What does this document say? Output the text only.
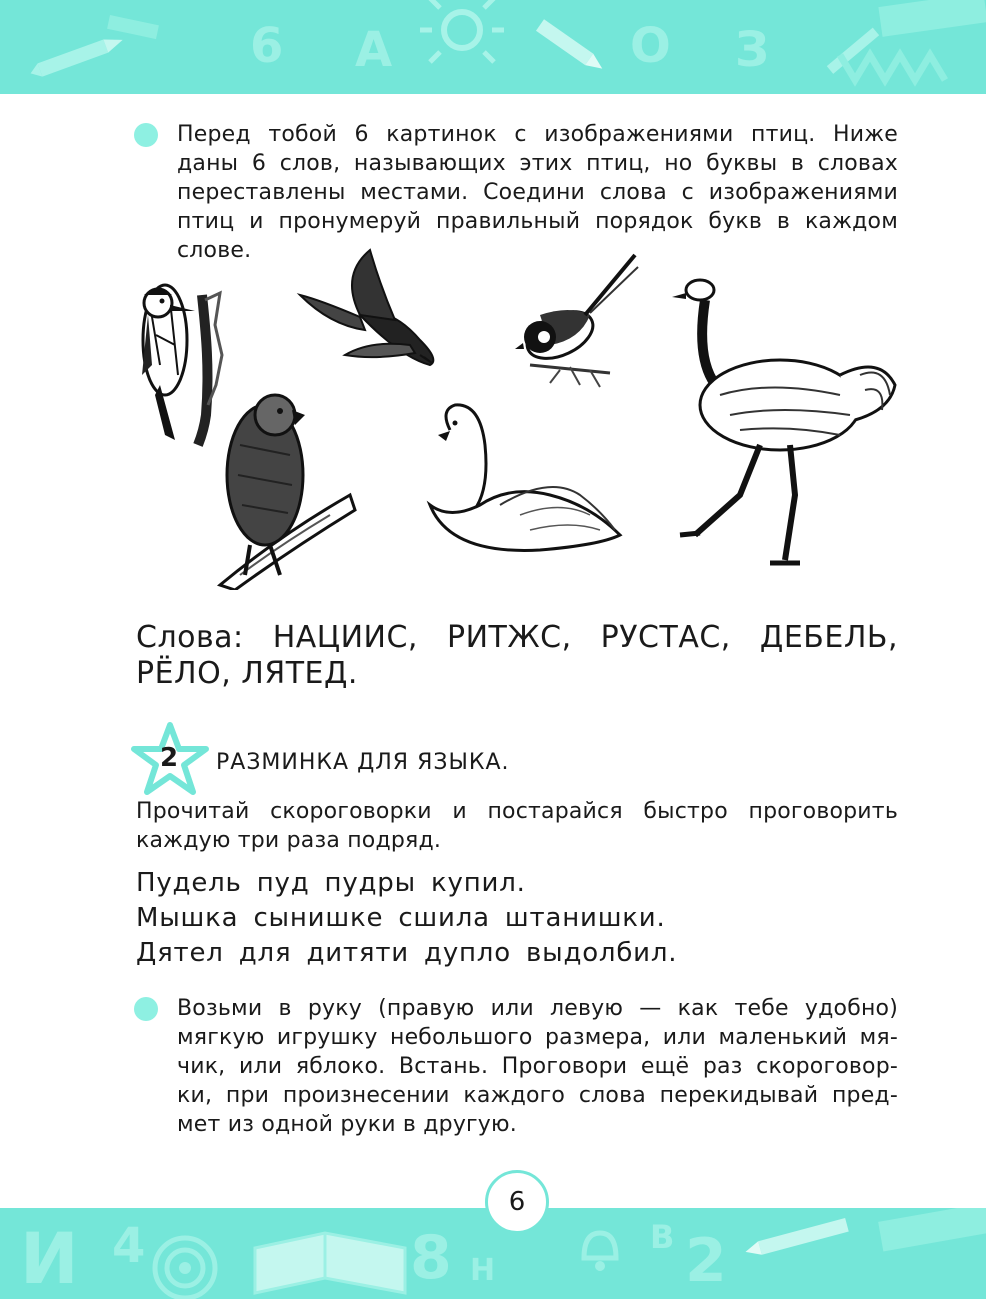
6 А	О З
Перед тобой 6 картинок с изображениями птиц. Ниже
даны 6 слов, называющих этих птиц, но буквы в словах
переставлены местами. Соедини слова с изображениями
птиц и пронумеруй правильный порядок букв в каждом
слове.
Слова: НАЦИИС, РИТЖС, РУСТАС, ДЕБЕЛЬ,
РЁЛО, ЛЯТЕД.
2	РАЗМИНКА ДЛЯ ЯЗЫКА.
Прочитай скороговорки и постарайся быстро проговорить
каждую три раза подряд.
Пудель пуд пудры купил.
Мышка сынишке сшила штанишки.
Дятел для дитяти дупло выдолбил.
Возьми в руку (правую или левую — как тебе удобно)
мягкую игрушку небольшого размера, или маленький мя-
чик, или яблоко. Встань. Проговори ещё раз скороговор-
ки, при произнесении каждого слова перекидывай пред-
мет из одной руки в другую.
И 4	8 Н
В 2
6
